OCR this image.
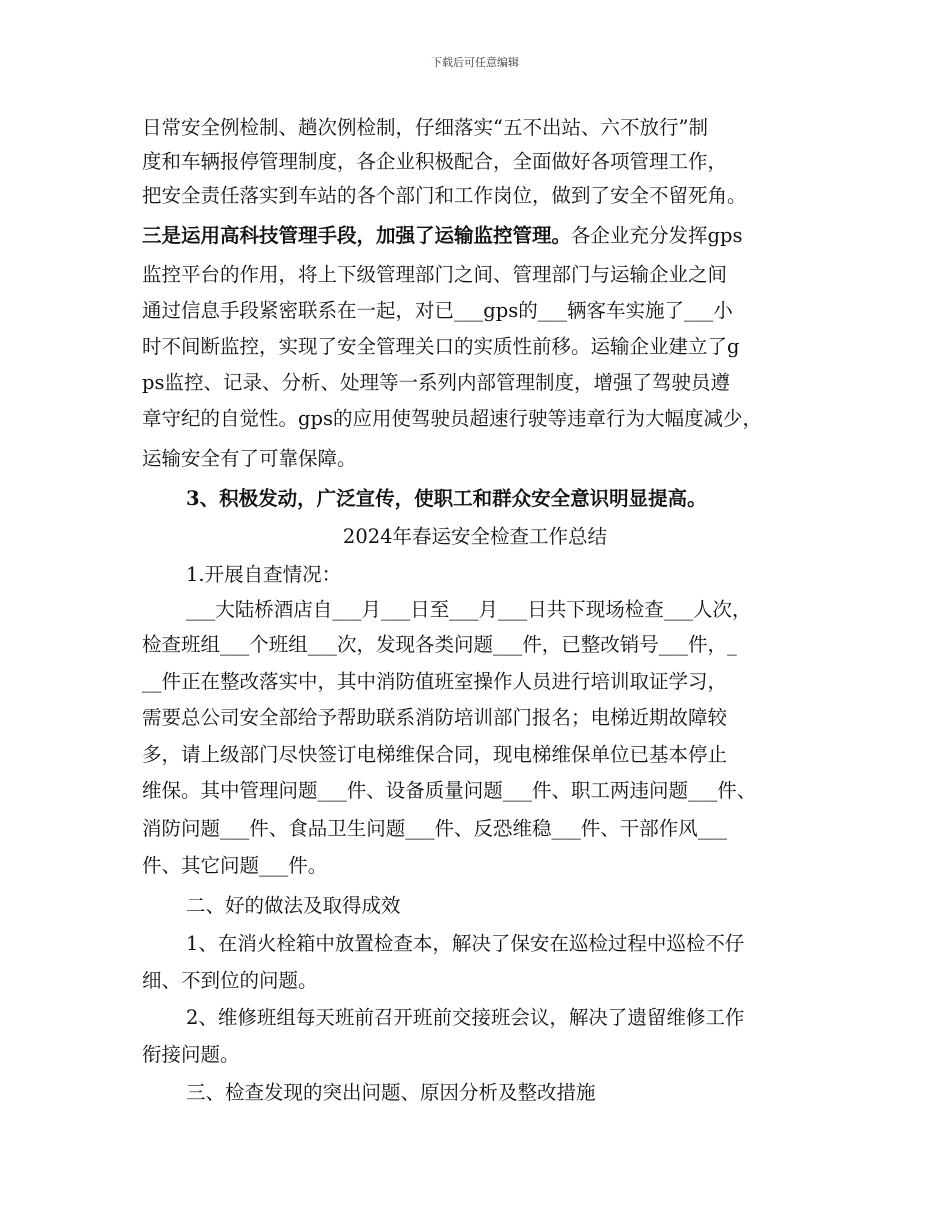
下载后可任意编辑
日常安全例检制、趟次例检制，仔细落实“五不出站、六不放行”制
度和车辆报停管理制度，各企业积极配合，全面做好各项管理工作，
把安全责任落实到车站的各个部门和工作岗位，做到了安全不留死角。
三是运用高科技管理手段，加强了运输监控管理。各企业充分发挥gps
监控平台的作用，将上下级管理部门之间、管理部门与运输企业之间
通过信息手段紧密联系在一起，对已___gps的___辆客车实施了___小
时不间断监控，实现了安全管理关口的实质性前移。运输企业建立了g
ps监控、记录、分析、处理等一系列内部管理制度，增强了驾驶员遵
章守纪的自觉性。gps的应用使驾驶员超速行驶等违章行为大幅度减少，
运输安全有了可靠保障。
3、积极发动，广泛宣传，使职工和群众安全意识明显提高。
2024年春运安全检查工作总结
1.开展自查情况：
___大陆桥酒店自___月___日至___月___日共下现场检查___人次，
检查班组___个班组___次，发现各类问题___件，已整改销号___件，_
__件正在整改落实中，其中消防值班室操作人员进行培训取证学习，
需要总公司安全部给予帮助联系消防培训部门报名；电梯近期故障较
多，请上级部门尽快签订电梯维保合同，现电梯维保单位已基本停止
维保。其中管理问题___件、设备质量问题___件、职工两违问题___件、
消防问题___件、食品卫生问题___件、反恐维稳___件、干部作风___
件、其它问题___件。
二、好的做法及取得成效
1、在消火栓箱中放置检查本，解决了保安在巡检过程中巡检不仔
细、不到位的问题。
2、维修班组每天班前召开班前交接班会议，解决了遗留维修工作
衔接问题。
三、检查发现的突出问题、原因分析及整改措施
